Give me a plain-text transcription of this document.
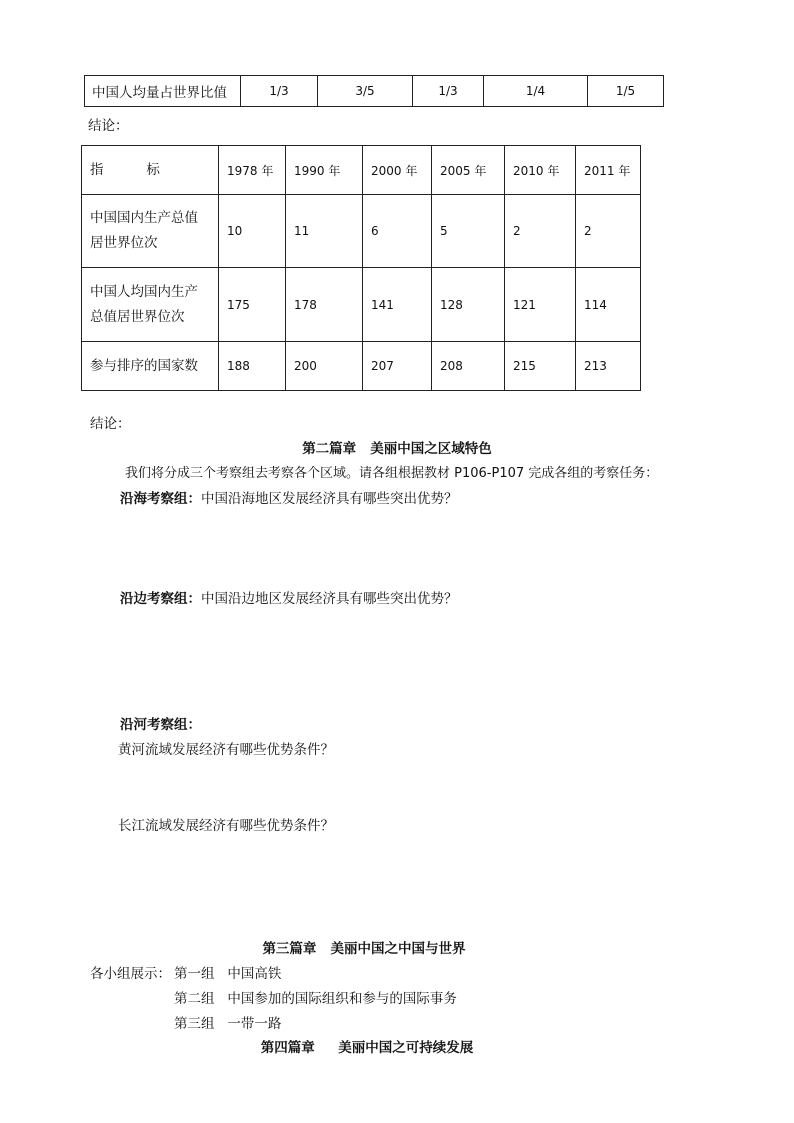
中国人均量占世界比值	1/3	3/5	1/3	1/4	1/5
结论：
指          标	1978 年	1990 年	2000 年	2005 年	2010 年	2011 年
中国国内生产总值
居世界位次	10	11	6	5	2	2
中国人均国内生产
总值居世界位次	175	178	141	128	121	114
参与排序的国家数	188	200	207	208	215	213
结论：
第二篇章   美丽中国之区域特色
我们将分成三个考察组去考察各个区域。请各组根据教材 P106-P107 完成各组的考察任务：
沿海考察组：中国沿海地区发展经济具有哪些突出优势？
沿边考察组：中国沿边地区发展经济具有哪些突出优势？
沿河考察组：
黄河流域发展经济有哪些优势条件？
长江流域发展经济有哪些优势条件？
第三篇章   美丽中国之中国与世界
各小组展示： 第一组   中国高铁
第二组   中国参加的国际组织和参与的国际事务
第三组   一带一路
第四篇章     美丽中国之可持续发展
